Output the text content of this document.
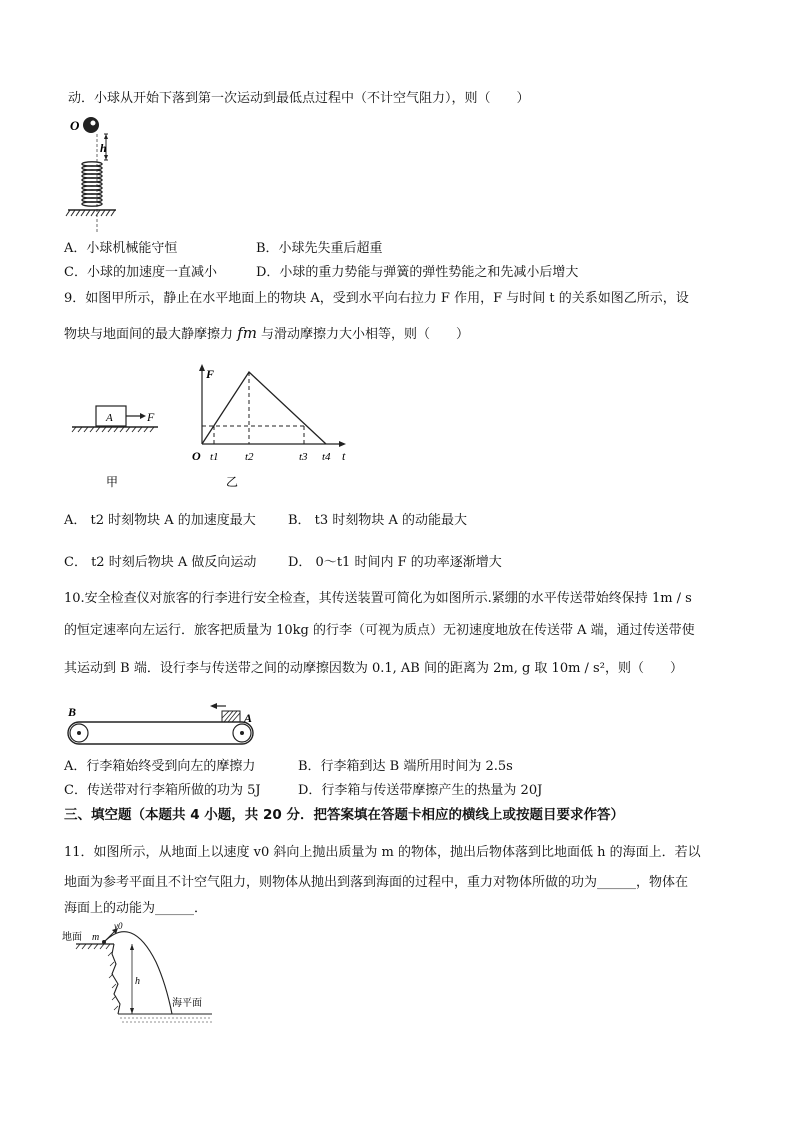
动．小球从开始下落到第一次运动到最低点过程中（不计空气阻力），则（　　）
O
h
A．小球机械能守恒	B．小球先失重后超重
C．小球的加速度一直减小	D．小球的重力势能与弹簧的弹性势能之和先减小后增大
9．如图甲所示，静止在水平地面上的物块 A，受到水平向右拉力 F 作用，F 与时间 t 的关系如图乙所示，设
物块与地面间的最大静摩擦力 fm 与滑动摩擦力大小相等，则（　　）
A	F
甲
F
t
O t1 t2	t3 t4
乙
A． t2 时刻物块 A 的加速度最大 B． t3 时刻物块 A 的动能最大
C． t2 时刻后物块 A 做反向运动 D． 0～t1 时间内 F 的功率逐渐增大
10.安全检查仪对旅客的行李进行安全检查，其传送装置可简化为如图所示.紧绷的水平传送带始终保持 1m / s
的恒定速率向左运行．旅客把质量为 10kg 的行李（可视为质点）无初速度地放在传送带 A 端，通过传送带使
其运动到 B 端．设行李与传送带之间的动摩擦因数为 0.1, AB 间的距离为 2m, g 取 10m / s²，则（　　）
B	A
A．行李箱始终受到向左的摩擦力	B．行李箱到达 B 端所用时间为 2.5s
C．传送带对行李箱所做的功为 5J	D．行李箱与传送带摩擦产生的热量为 20J
三、填空题（本题共 4 小题，共 20 分．把答案填在答题卡相应的横线上或按题目要求作答）
11．如图所示，从地面上以速度 v0 斜向上抛出质量为 m 的物体，抛出后物体落到比地面低 h 的海面上．若以
地面为参考平面且不计空气阻力，则物体从抛出到落到海面的过程中，重力对物体所做的功为______，物体在
海面上的动能为______．
地面 m
v0
h
海平面
